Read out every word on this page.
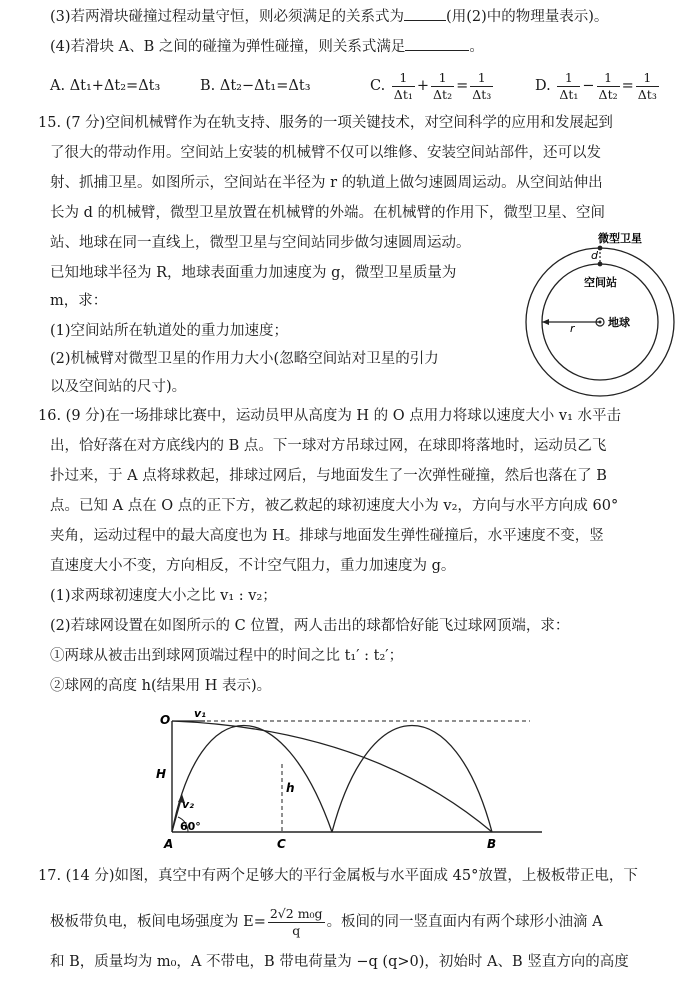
(3)若两滑块碰撞过程动量守恒，则必须满足的关系式为	(用(2)中的物理量表示)。
(4)若滑块 A、B 之间的碰撞为弹性碰撞，则关系式满足	。
A. Δt₁+Δt₂=Δt₃	B. Δt₂−Δt₁=Δt₃	C. $\frac{1}{\text{Δt₁}} + \frac{1}{\text{Δt₂}} = \frac{1}{\text{Δt₃}}$	D. $\frac{1}{\text{Δt₁}} - \frac{1}{\text{Δt₂}} = \frac{1}{\text{Δt₃}}$
15. (7 分)空间机械臂作为在轨支持、服务的一项关键技术，对空间科学的应用和发展起到
了很大的带动作用。空间站上安装的机械臂不仅可以维修、安装空间站部件，还可以发
射、抓捕卫星。如图所示，空间站在半径为 r 的轨道上做匀速圆周运动。从空间站伸出
长为 d 的机械臂，微型卫星放置在机械臂的外端。在机械臂的作用下，微型卫星、空间
站、地球在同一直线上，微型卫星与空间站同步做匀速圆周运动。
已知地球半径为 R，地球表面重力加速度为 g，微型卫星质量为
m，求：
(1)空间站所在轨道处的重力加速度；
(2)机械臂对微型卫星的作用力大小(忽略空间站对卫星的引力
以及空间站的尺寸)。
微型卫星
d
空间站
r	地球
16. (9 分)在一场排球比赛中，运动员甲从高度为 H 的 O 点用力将球以速度大小 v₁ 水平击
出，恰好落在对方底线内的 B 点。下一球对方吊球过网，在球即将落地时，运动员乙飞
扑过来，于 A 点将球救起，排球过网后，与地面发生了一次弹性碰撞，然后也落在了 B
点。已知 A 点在 O 点的正下方，被乙救起的球初速度大小为 v₂，方向与水平方向成 60°
夹角，运动过程中的最大高度也为 H。排球与地面发生弹性碰撞后，水平速度不变，竖
直速度大小不变，方向相反，不计空气阻力，重力加速度为 g。
(1)求两球初速度大小之比 v₁ : v₂；
(2)若球网设置在如图所示的 C 位置，两人击出的球都恰好能飞过球网顶端，求：
①两球从被击出到球网顶端过程中的时间之比 t₁′ : t₂′；
②球网的高度 h(结果用 H 表示)。
O v₁
H
v₂
h
60°
A	C	B
17. (14 分)如图，真空中有两个足够大的平行金属板与水平面成 45°放置，上极板带正电，下
极板带负电，板间电场强度为 $E= \frac{\text{2√2 m₀g}}{q}$ 。板间的同一竖直面内有两个球形小油滴 A
和 B，质量均为 m₀，A 不带电，B 带电荷量为 −q (q>0)，初始时 A、B 竖直方向的高度
